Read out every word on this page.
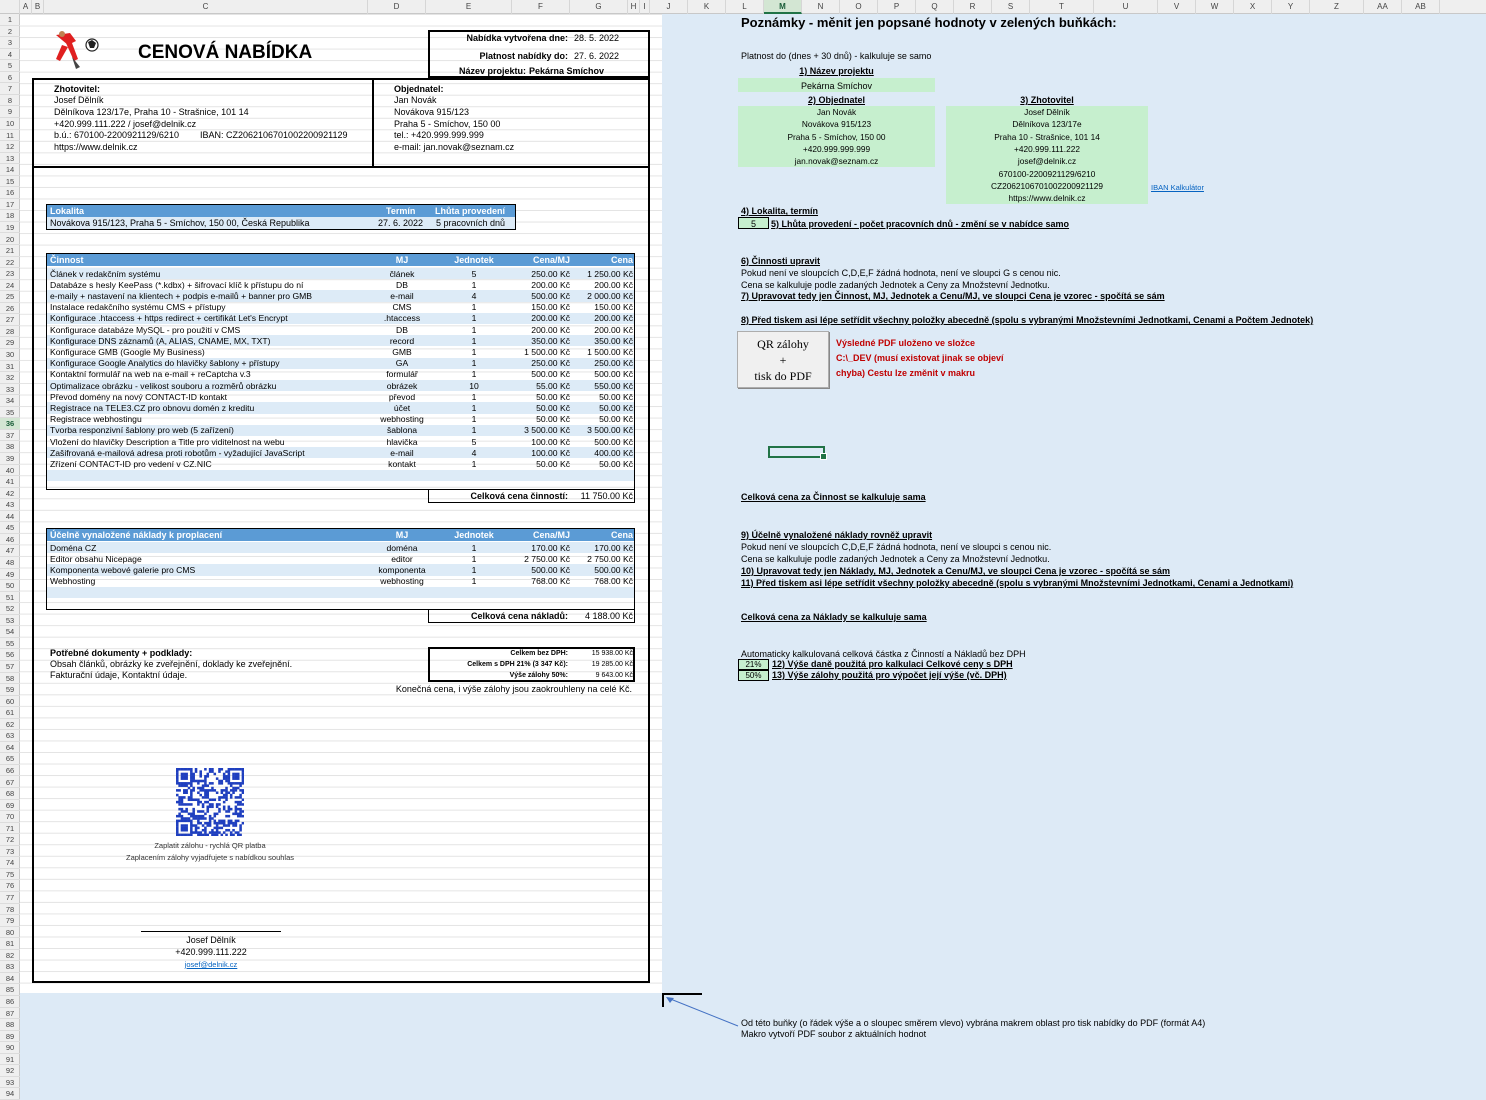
A B	C	D	E	F	G	H I	J	K	L	M	N	O	P	Q	R	S	T	U	V	W	X	Y	Z	AA	AB
1
2
3
4
5
6
7
8
9
10
11
12
13
14
15
16
17
18
19
20
21
22
23
24
25
26
27
28
29
30
31
32
33
34
35
36
37
38
39
40
41
42
43
44
45
46
47
48
49
50
51
52
53
54
55
56
57
58
59
60
61
62
63
64
65
66
67
68
69
70
71
72
73
74
75
76
77
78
79
80
81
82
83
84
85
86
87
88
89
90
91
92
93
94
CENOVÁ NABÍDKA
Nabídka vytvořena dne: 28. 5. 2022
Platnost nabídky do: 27. 6. 2022
Název projektu: Pekárna Smíchov
Zhotovitel:
Josef Dělník
Dělníkova 123/17e, Praha 10 - Strašnice, 101 14
+420.999.111.222 / josef@delnik.cz
b.ú.: 670100-2200921129/6210 IBAN: CZ2062106701002200921129
https://www.delnik.cz
Objednatel:
Jan Novák
Novákova 915/123
Praha 5 - Smíchov, 150 00
tel.: +420.999.999.999
e-mail: jan.novak@seznam.cz
Lokalita	Termín Lhůta provedení
Novákova 915/123, Praha 5 - Smíchov, 150 00, Česká Republika	27. 6. 2022 5 pracovních dnů
Činnost	MJ	Jednotek	Cena/MJ	Cena
Článek v redakčním systému	článek	5	250.00 Kč	1 250.00 Kč
Databáze s hesly KeePass (*.kdbx) + šifrovací klíč k přístupu do ní	DB	1	200.00 Kč	200.00 Kč
e-maily + nastavení na klientech + podpis e-mailů + banner pro GMB	e-mail	4	500.00 Kč	2 000.00 Kč
Instalace redakčního systému CMS + přístupy	CMS	1	150.00 Kč	150.00 Kč
Konfigurace .htaccess + https redirect + certifikát Let's Encrypt	.htaccess	1	200.00 Kč	200.00 Kč
Konfigurace databáze MySQL - pro použití v CMS	DB	1	200.00 Kč	200.00 Kč
Konfigurace DNS záznamů (A, ALIAS, CNAME, MX, TXT)	record	1	350.00 Kč	350.00 Kč
Konfigurace GMB (Google My Business)	GMB	1	1 500.00 Kč	1 500.00 Kč
Konfigurace Google Analytics do hlavičky šablony + přístupy	GA	1	250.00 Kč	250.00 Kč
Kontaktní formulář na web na e-mail + reCaptcha v.3	formulář	1	500.00 Kč	500.00 Kč
Optimalizace obrázku - velikost souboru a rozměrů obrázku	obrázek	10	55.00 Kč	550.00 Kč
Převod domény na nový CONTACT-ID kontakt	převod	1	50.00 Kč	50.00 Kč
Registrace na TELE3.CZ pro obnovu domén z kreditu	účet	1	50.00 Kč	50.00 Kč
Registrace webhostingu	webhosting	1	50.00 Kč	50.00 Kč
Tvorba responzivní šablony pro web (5 zařízení)	šablona	1	3 500.00 Kč	3 500.00 Kč
Vložení do hlavičky Description a Title pro viditelnost na webu	hlavička	5	100.00 Kč	500.00 Kč
Zašifrovaná e-mailová adresa proti robotům - vyžadující JavaScript	e-mail	4	100.00 Kč	400.00 Kč
Zřízení CONTACT-ID pro vedení v CZ.NIC	kontakt	1	50.00 Kč	50.00 Kč
Celková cena činností:	11 750.00 Kč
Účelně vynaložené náklady k proplacení	MJ	Jednotek	Cena/MJ	Cena
Doména CZ	doména	1	170.00 Kč	170.00 Kč
Editor obsahu Nicepage	editor	1	2 750.00 Kč	2 750.00 Kč
Komponenta webové galerie pro CMS	komponenta	1	500.00 Kč	500.00 Kč
Webhosting	webhosting	1	768.00 Kč	768.00 Kč
Celková cena nákladů:	4 188.00 Kč
Potřebné dokumenty + podklady:
Obsah článků, obrázky ke zveřejnění, doklady ke zveřejnění.
Fakturační údaje, Kontaktní údaje.
Celkem bez DPH:	15 938.00 Kč
Celkem s DPH 21% (3 347 Kč):	19 285.00 Kč
Výše zálohy 50%:	9 643.00 Kč
Konečná cena, i výše zálohy jsou zaokrouhleny na celé Kč.
Zaplatit zálohu - rychlá QR platba
Zaplacením zálohy vyjadřujete s nabídkou souhlas
Josef Dělník
+420.999.111.222
josef@delnik.cz
Poznámky - měnit jen popsané hodnoty v zelených buňkách:
Platnost do (dnes + 30 dnů) - kalkuluje se samo
1) Název projektu
Pekárna Smíchov
2) Objednatel
Jan Novák
Novákova 915/123
Praha 5 - Smíchov, 150 00
+420.999.999.999
jan.novak@seznam.cz
3) Zhotovitel
Josef Dělník
Dělníkova 123/17e
Praha 10 - Strašnice, 101 14
+420.999.111.222
josef@delnik.cz
670100-2200921129/6210
CZ2062106701002200921129
https://www.delnik.cz
IBAN Kalkulátor
4) Lokalita, termín
5	5) Lhůta provedení - počet pracovních dnů - změní se v nabídce samo
6) Činnosti upravit
Pokud není ve sloupcích C,D,E,F žádná hodnota, není ve sloupci G s cenou nic.
Cena se kalkuluje podle zadaných Jednotek a Ceny za Množstevní Jednotku.
7) Upravovat tedy jen Činnost, MJ, Jednotek a Cenu/MJ, ve sloupci Cena je vzorec - spočítá se sám
8) Před tiskem asi lépe setřídit všechny položky abecedně (spolu s vybranými Množstevními Jednotkami, Cenami a Počtem Jednotek)
QR zálohy
+
tisk do PDF
Výsledné PDF uloženo ve složce
C:\_DEV (musí existovat jinak se objeví
chyba) Cestu lze změnit v makru
Celková cena za Činnost se kalkuluje sama
9) Účelně vynaložené náklady rovněž upravit
Pokud není ve sloupcích C,D,E,F žádná hodnota, není ve sloupci s cenou nic.
Cena se kalkuluje podle zadaných Jednotek a Ceny za Množstevní Jednotku.
10) Upravovat tedy jen Náklady, MJ, Jednotek a Cenu/MJ, ve sloupci Cena je vzorec - spočítá se sám
11) Před tiskem asi lépe setřídit všechny položky abecedně (spolu s vybranými Množstevními Jednotkami, Cenami a Jednotkami)
Celková cena za Náklady se kalkuluje sama
Automaticky kalkulovaná celková částka z Činností a Nákladů bez DPH
21%	12) Výše daně použitá pro kalkulaci Celkové ceny s DPH
50%	13) Výše zálohy použitá pro výpočet její výše (vč. DPH)
Od této buňky (o řádek výše a o sloupec směrem vlevo) vybrána makrem oblast pro tisk nabídky do PDF (formát A4)
Makro vytvoří PDF soubor z aktuálních hodnot
